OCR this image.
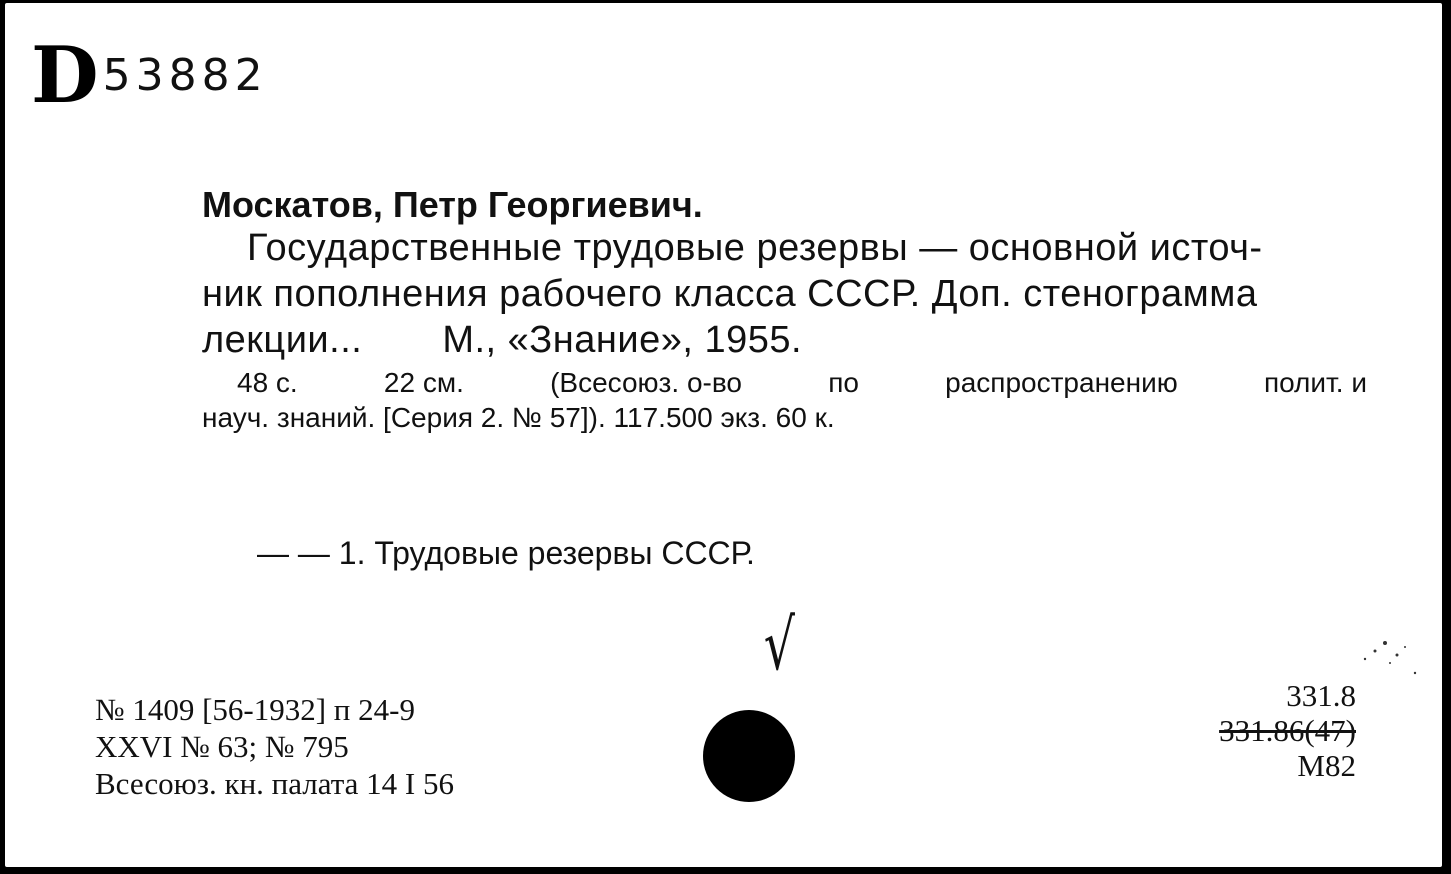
D53882
Москатов, Петр Георгиевич.
Государственные трудовые резервы — основной источ-
ник пополнения рабочего класса СССР. Доп. стенограмма
лекции... М., «Знание», 1955.
48 с.	22 см.	(Всесоюз. о-во	по	распространению	полит. и
науч. знаний. [Серия 2. № 57]). 117.500 экз. 60 к.
— — 1. Трудовые резервы СССР.
√
№ 1409 [56-1932] п 24-9
XXVI № 63; № 795
Всесоюз. кн. палата 14 I 56
331.8
331.86(47)
М82
